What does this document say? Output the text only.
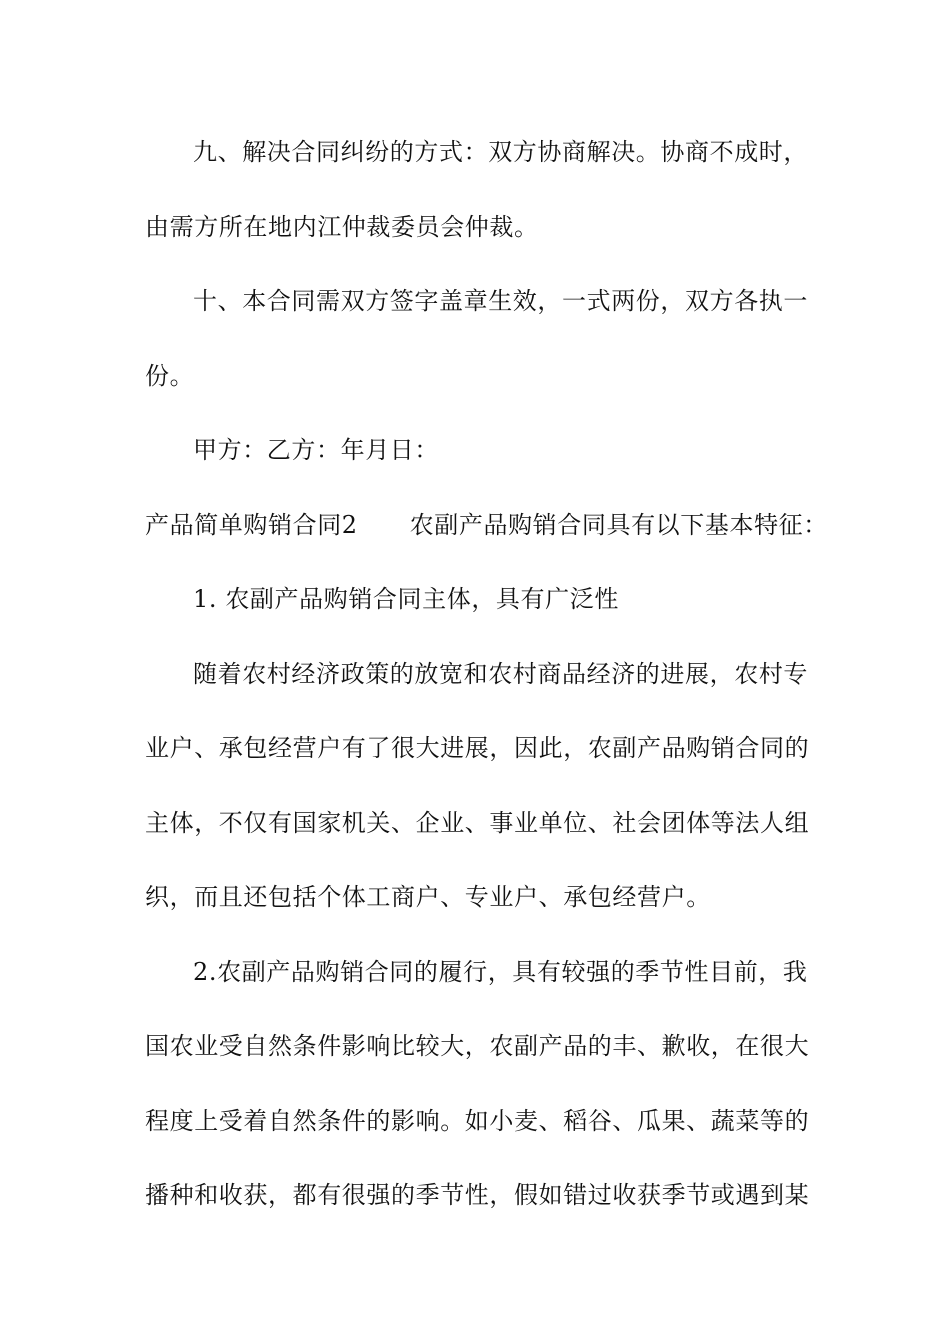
九、解决合同纠纷的方式：双方协商解决。协商不成时，
由需方所在地内江仲裁委员会仲裁。
十、本合同需双方签字盖章生效，一式两份，双方各执一
份。
甲方：乙方：年月日：
产品简单购销合同2 农副产品购销合同具有以下基本特征：
1. 农副产品购销合同主体，具有广泛性
随着农村经济政策的放宽和农村商品经济的进展，农村专
业户、承包经营户有了很大进展，因此，农副产品购销合同的
主体，不仅有国家机关、企业、事业单位、社会团体等法人组
织，而且还包括个体工商户、专业户、承包经营户。
2.农副产品购销合同的履行，具有较强的季节性目前，我
国农业受自然条件影响比较大，农副产品的丰、歉收，在很大
程度上受着自然条件的影响。如小麦、稻谷、瓜果、蔬菜等的
播种和收获，都有很强的季节性，假如错过收获季节或遇到某
